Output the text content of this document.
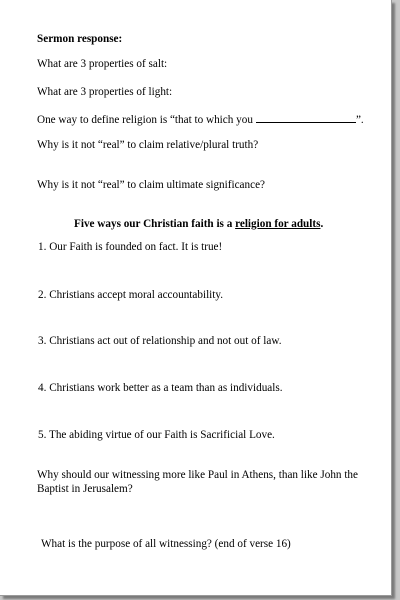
Sermon response:
What are 3 properties of salt:
What are 3 properties of light:
One way to define religion is “that to which you	”.
Why is it not “real” to claim relative/plural truth?
Why is it not “real” to claim ultimate significance?
Five ways our Christian faith is a religion for adults.
1. Our Faith is founded on fact. It is true!
2. Christians accept moral accountability.
3. Christians act out of relationship and not out of law.
4. Christians work better as a team than as individuals.
5. The abiding virtue of our Faith is Sacrificial Love.
Why should our witnessing more like Paul in Athens, than like John the Baptist in Jerusalem?
What is the purpose of all witnessing? (end of verse 16)
